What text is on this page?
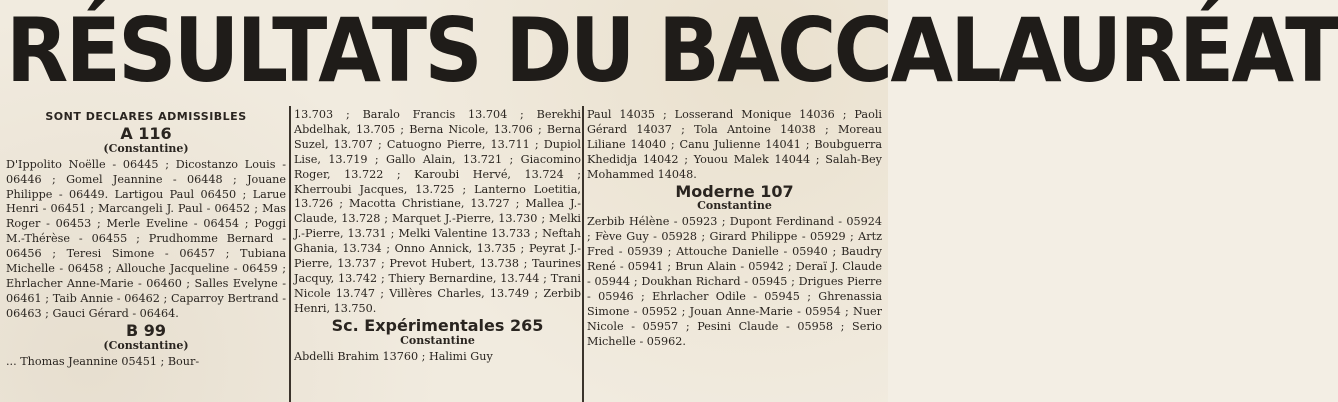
RÉSULTATS DU BACCALAURÉAT
SONT DECLARES ADMISSIBLES
A 116
(Constantine)

D'Ippolito Noëlle - 06445 ; Dicostanzo Louis - 06446 ; Gomel Jeannine - 06448 ; Jouane Philippe - 06449. Lartigou Paul 06450 ; Larue Henri - 06451 ; Marcangeli J. Paul - 06452 ; Mas Roger - 06453 ; Merle Eveline - 06454 ; Poggi M.-Thérèse - 06455 ; Prudhomme Bernard - 06456 ; Teresi Simone - 06457 ; Tubiana Michelle - 06458 ; Allouche Jacqueline - 06459 ; Ehrlacher Anne-Marie - 06460 ; Salles Evelyne - 06461 ; Taib Annie - 06462 ; Caparroy Bertrand - 06463 ; Gauci Gérard - 06464.

B 99
(Constantine)

... Thomas Jeannine 05451 ; Bour-

13.703 ; Baralo Francis 13.704 ; Berekhi Abdelhak, 13.705 ; Berna Nicole, 13.706 ; Berna Suzel, 13.707 ; Catuogno Pierre, 13.711 ; Dupiol Lise, 13.719 ; Gallo Alain, 13.721 ; Giacomino Roger, 13.722 ; Karoubi Hervé, 13.724 ; Kherroubi Jacques, 13.725 ; Lanterno Loetitia, 13.726 ; Macotta Christiane, 13.727 ; Mallea J.-Claude, 13.728 ; Marquet J.-Pierre, 13.730 ; Melki J.-Pierre, 13.731 ; Melki Valentine 13.733 ; Neftah Ghania, 13.734 ; Onno Annick, 13.735 ; Peyrat J.-Pierre, 13.737 ; Prevot Hubert, 13.738 ; Taurines Jacquy, 13.742 ; Thiery Bernardine, 13.744 ; Trani Nicole 13.747 ; Villères Charles, 13.749 ; Zerbib Henri, 13.750.

Sc. Expérimentales 265
Constantine

Abdelli Brahim 13760 ; Halimi Guy

Paul 14035 ; Losserand Monique 14036 ; Paoli Gérard 14037 ; Tola Antoine 14038 ; Moreau Liliane 14040 ; Canu Julienne 14041 ; Boubguerra Khedidja 14042 ; Youou Malek 14044 ; Salah-Bey Mohammed 14048.

Moderne 107
Constantine

Zerbib Hélène - 05923 ; Dupont Ferdinand - 05924 ; Fève Guy - 05928 ; Girard Philippe - 05929 ; Artz Fred - 05939 ; Attouche Danielle - 05940 ; Baudry René - 05941 ; Brun Alain - 05942 ; Deraï J. Claude - 05944 ; Doukhan Richard - 05945 ; Drigues Pierre - 05946 ; Ehrlacher Odile - 05945 ; Ghrenassia Simone - 05952 ; Jouan Anne-Marie - 05954 ; Nuer Nicole - 05957 ; Pesini Claude - 05958 ; Serio Michelle - 05962.
